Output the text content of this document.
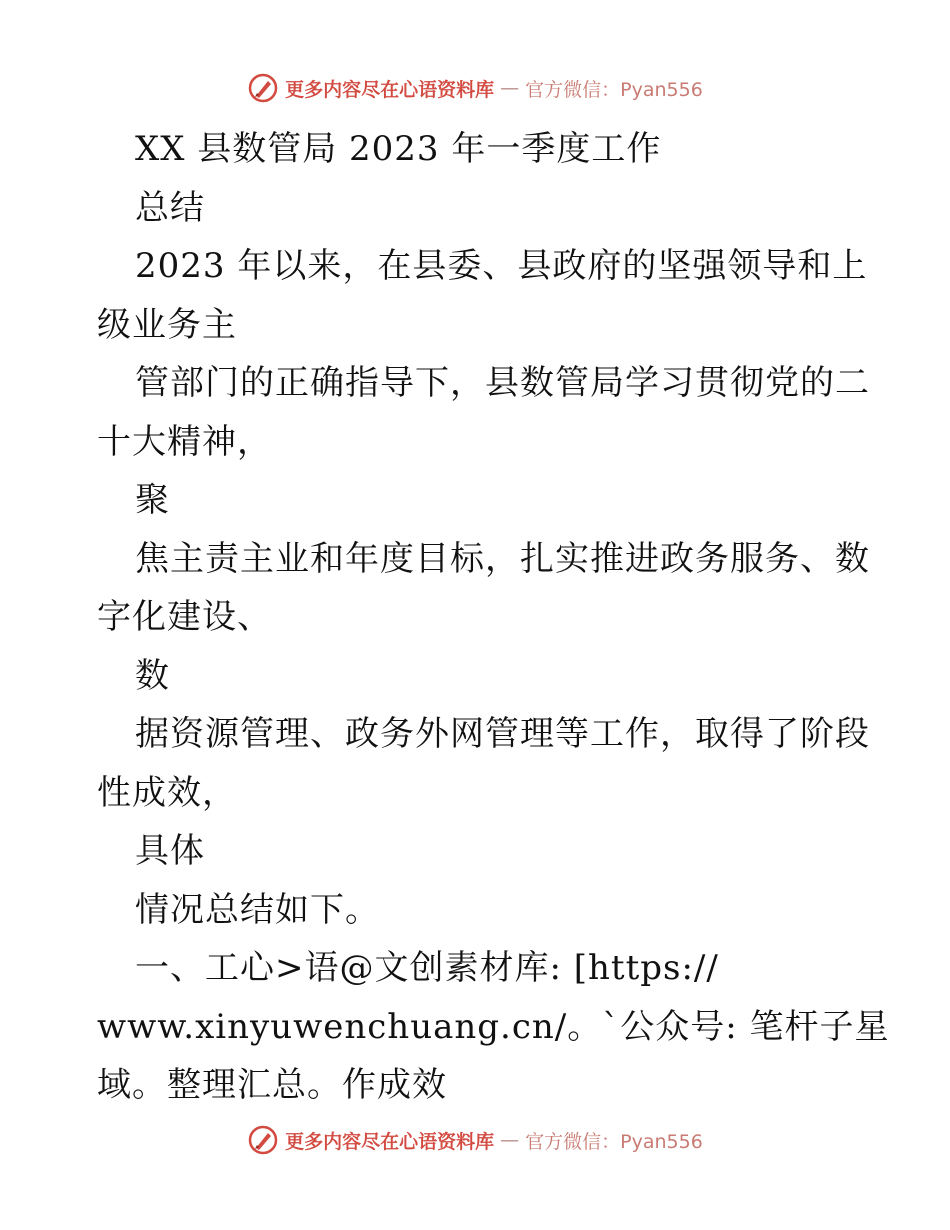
更多内容尽在心语资料库 — 官方微信：Pyan556
XX 县数管局 2023 年一季度工作
总结
2023 年以来，在县委、县政府的坚强领导和上
级业务主
管部门的正确指导下，县数管局学习贯彻党的二
十大精神，
聚
焦主责主业和年度目标，扎实推进政务服务、数
字化建设、
数
据资源管理、政务外网管理等工作，取得了阶段
性成效，
具体
情况总结如下。
一、工心>语@文创素材库: [https://
www.xinyuwenchuang.cn/。`公众号: 笔杆子星
域。整理汇总。作成效
更多内容尽在心语资料库 — 官方微信：Pyan556
